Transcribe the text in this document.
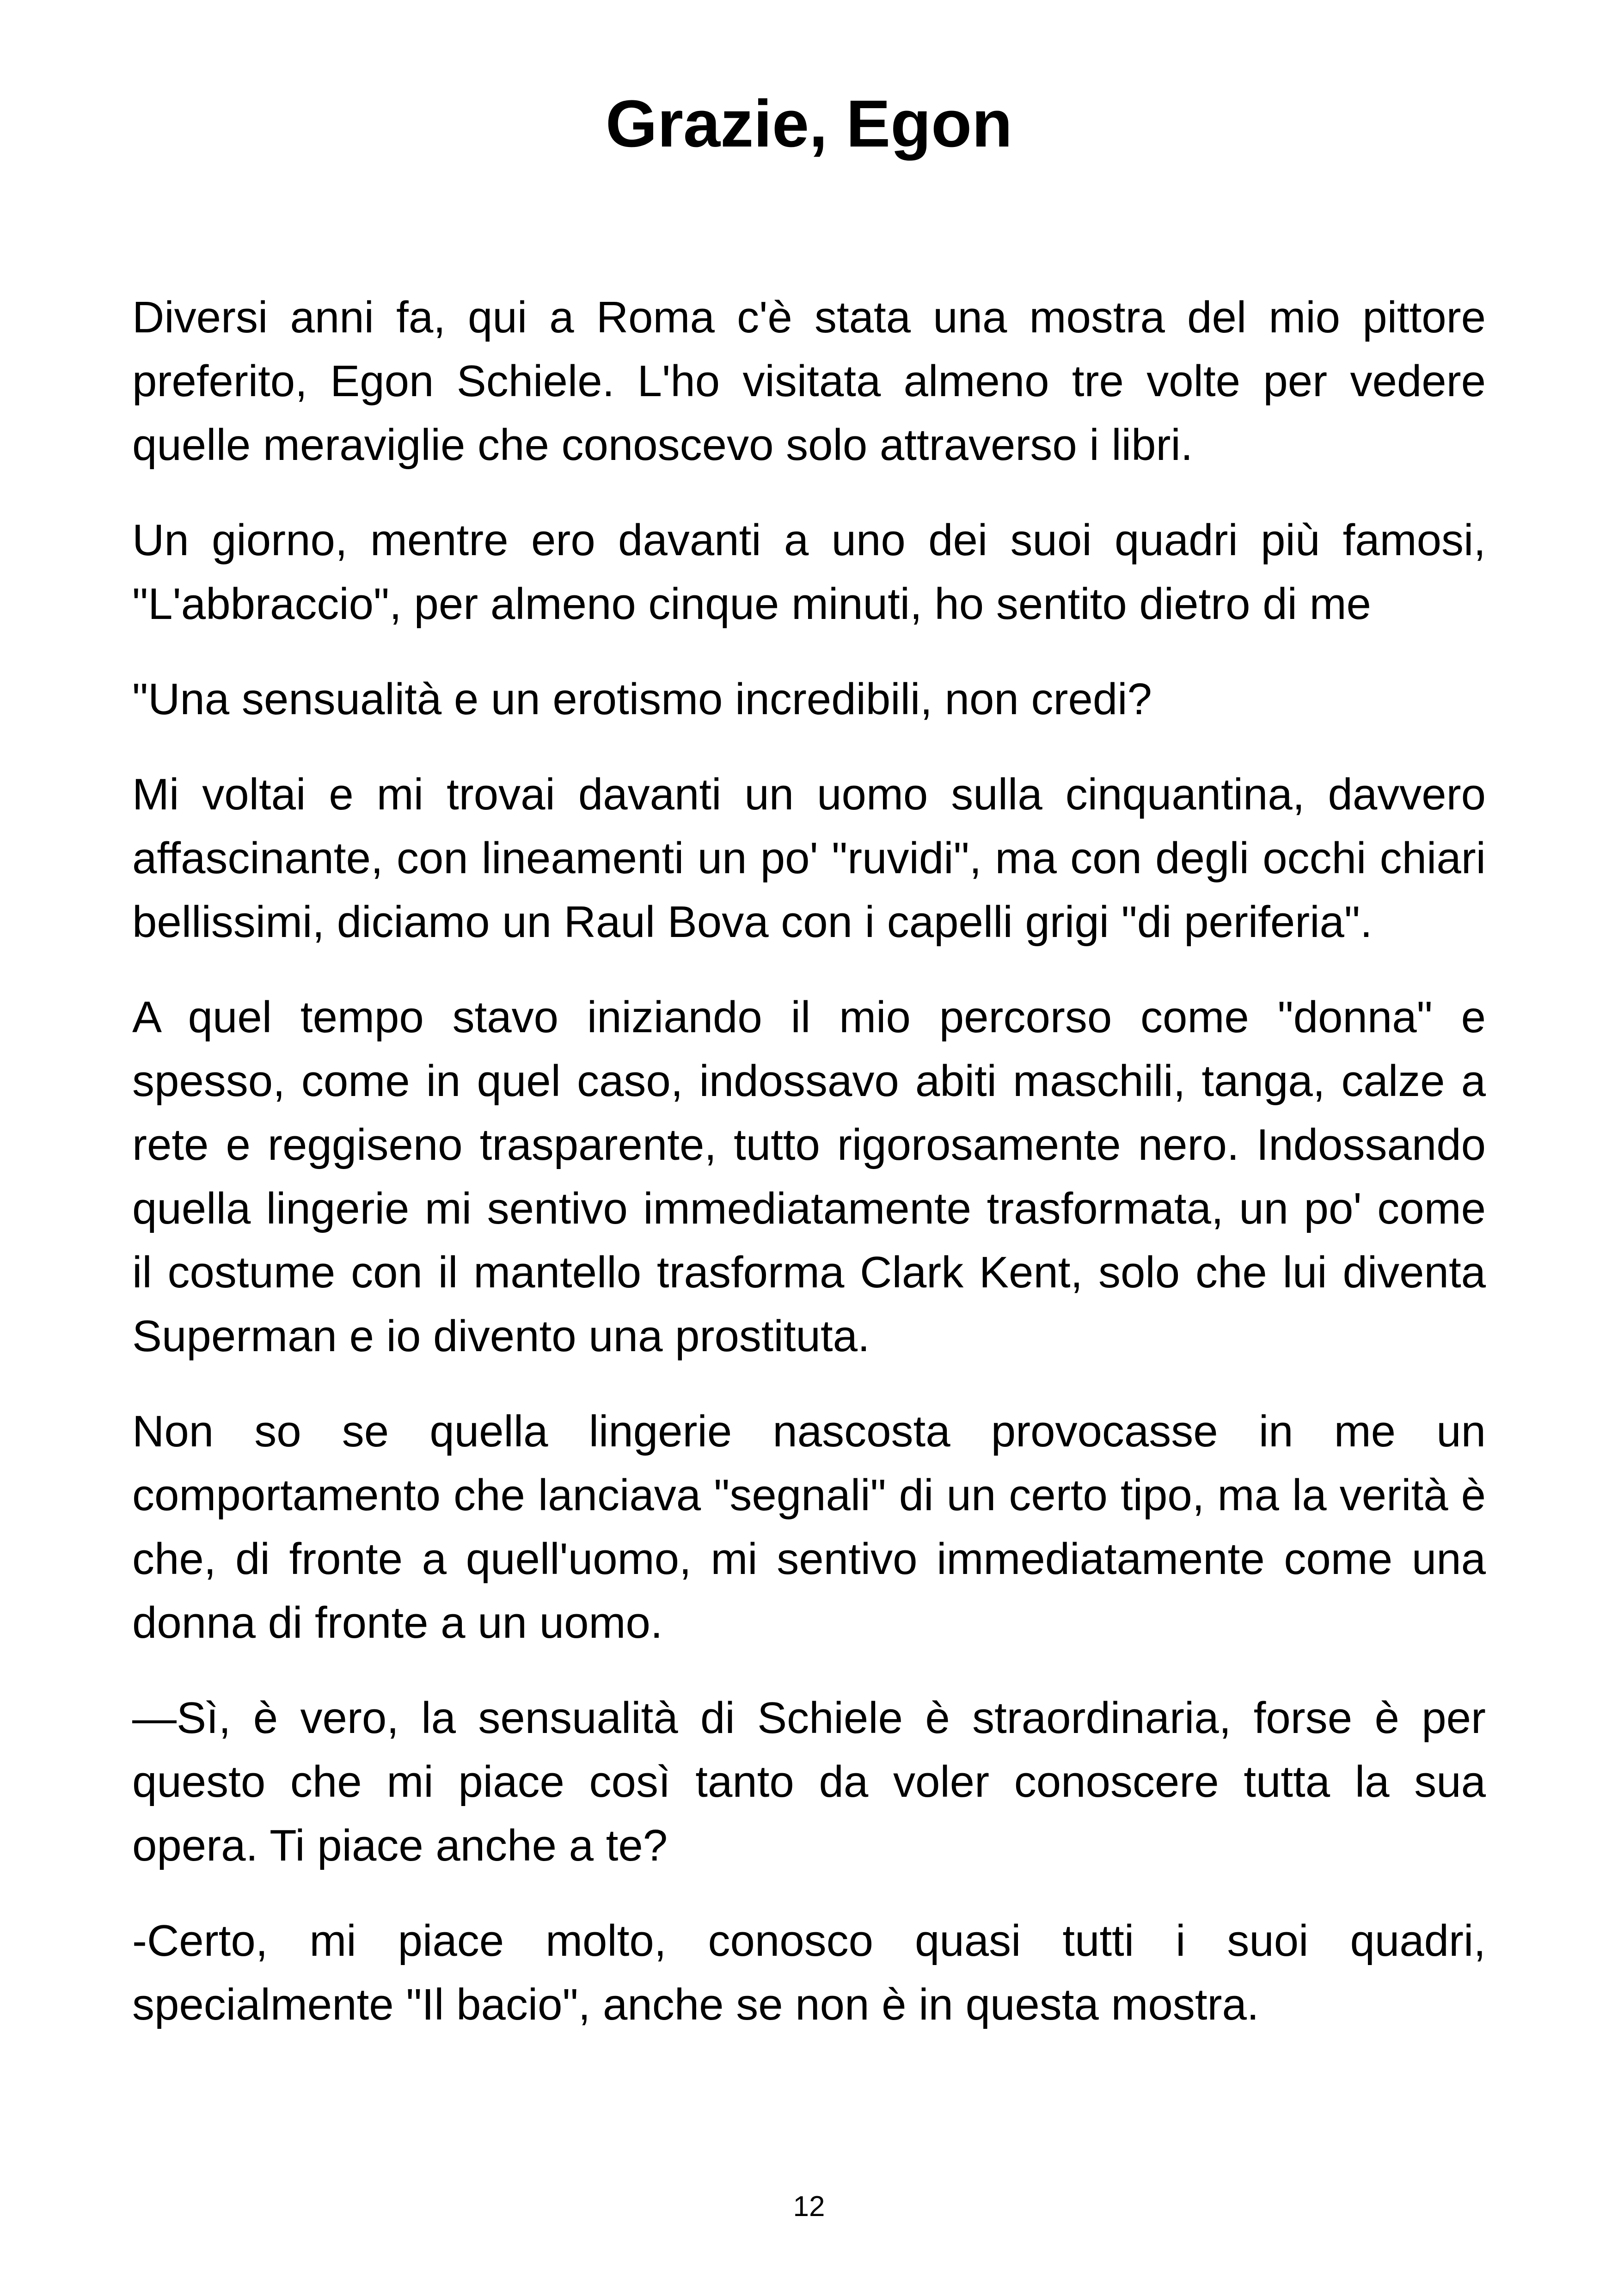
Grazie, Egon

Diversi anni fa, qui a Roma c'è stata una mostra del mio pittore preferito, Egon Schiele. L'ho visitata almeno tre volte per vedere quelle meraviglie che conoscevo solo attraverso i libri.

Un giorno, mentre ero davanti a uno dei suoi quadri più famosi, "L'abbraccio", per almeno cinque minuti, ho sentito dietro di me

"Una sensualità e un erotismo incredibili, non credi?

Mi voltai e mi trovai davanti un uomo sulla cinquantina, davvero affascinante, con lineamenti un po' "ruvidi", ma con degli occhi chiari bellissimi, diciamo un Raul Bova con i capelli grigi "di periferia".

A quel tempo stavo iniziando il mio percorso come "donna" e spesso, come in quel caso, indossavo abiti maschili, tanga, calze a rete e reggiseno trasparente, tutto rigorosamente nero. Indossando quella lingerie mi sentivo immediatamente trasformata, un po' come il costume con il mantello trasforma Clark Kent, solo che lui diventa Superman e io divento una prostituta.

Non so se quella lingerie nascosta provocasse in me un comportamento che lanciava "segnali" di un certo tipo, ma la verità è che, di fronte a quell'uomo, mi sentivo immediatamente come una donna di fronte a un uomo.

—Sì, è vero, la sensualità di Schiele è straordinaria, forse è per questo che mi piace così tanto da voler conoscere tutta la sua opera. Ti piace anche a te?

-Certo, mi piace molto, conosco quasi tutti i suoi quadri, specialmente "Il bacio", anche se non è in questa mostra.

12
